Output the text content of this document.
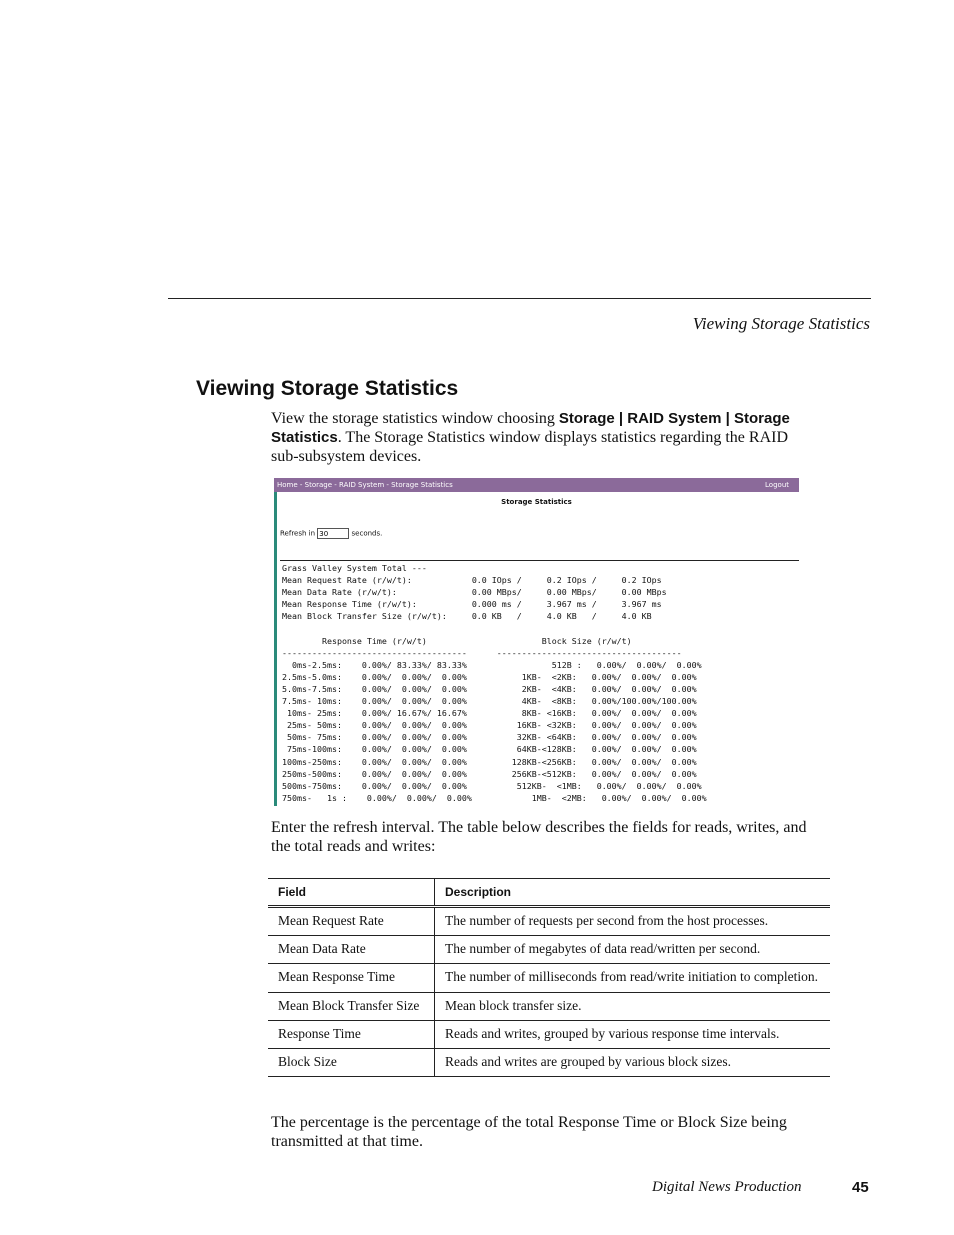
Viewing Storage Statistics
Viewing Storage Statistics

View the storage statistics window choosing Storage | RAID System | Storage Statistics. The Storage Statistics window displays statistics regarding the RAID sub-subsystem devices.

Home - Storage - RAID System - Storage Statistics	Logout
Storage Statistics
Refresh in 30	seconds.
Grass Valley System Total ---
Mean Request Rate (r/w/t):            0.0 IOps /     0.2 IOps /     0.2 IOps
Mean Data Rate (r/w/t):               0.00 MBps/     0.00 MBps/     0.00 MBps
Mean Response Time (r/w/t):           0.000 ms /     3.967 ms /     3.967 ms
Mean Block Transfer Size (r/w/t):     0.0 KB   /     4.0 KB   /     4.0 KB

Response Time (r/w/t)                       Block Size (r/w/t)
-------------------------------------      -------------------------------------
0ms-2.5ms:    0.00%/ 83.33%/ 83.33%                 512B :   0.00%/  0.00%/  0.00%
2.5ms-5.0ms:    0.00%/  0.00%/  0.00%           1KB-  <2KB:   0.00%/  0.00%/  0.00%
5.0ms-7.5ms:    0.00%/  0.00%/  0.00%           2KB-  <4KB:   0.00%/  0.00%/  0.00%
7.5ms- 10ms:    0.00%/  0.00%/  0.00%           4KB-  <8KB:   0.00%/100.00%/100.00%
10ms- 25ms:    0.00%/ 16.67%/ 16.67%           8KB- <16KB:   0.00%/  0.00%/  0.00%
25ms- 50ms:    0.00%/  0.00%/  0.00%          16KB- <32KB:   0.00%/  0.00%/  0.00%
50ms- 75ms:    0.00%/  0.00%/  0.00%          32KB- <64KB:   0.00%/  0.00%/  0.00%
75ms-100ms:    0.00%/  0.00%/  0.00%          64KB-<128KB:   0.00%/  0.00%/  0.00%
100ms-250ms:    0.00%/  0.00%/  0.00%         128KB-<256KB:   0.00%/  0.00%/  0.00%
250ms-500ms:    0.00%/  0.00%/  0.00%         256KB-<512KB:   0.00%/  0.00%/  0.00%
500ms-750ms:    0.00%/  0.00%/  0.00%          512KB-  <1MB:   0.00%/  0.00%/  0.00%
750ms-   1s :    0.00%/  0.00%/  0.00%            1MB-  <2MB:   0.00%/  0.00%/  0.00%

Enter the refresh interval. The table below describes the fields for reads, writes, and the total reads and writes:

Field	Description
Mean Request Rate	The number of requests per second from the host processes.
Mean Data Rate	The number of megabytes of data read/written per second.
Mean Response Time	The number of milliseconds from read/write initiation to completion.
Mean Block Transfer Size	Mean block transfer size.
Response Time	Reads and writes, grouped by various response time intervals.
Block Size	Reads and writes are grouped by various block sizes.

The percentage is the percentage of the total Response Time or Block Size being transmitted at that time.

Digital News Production	45
